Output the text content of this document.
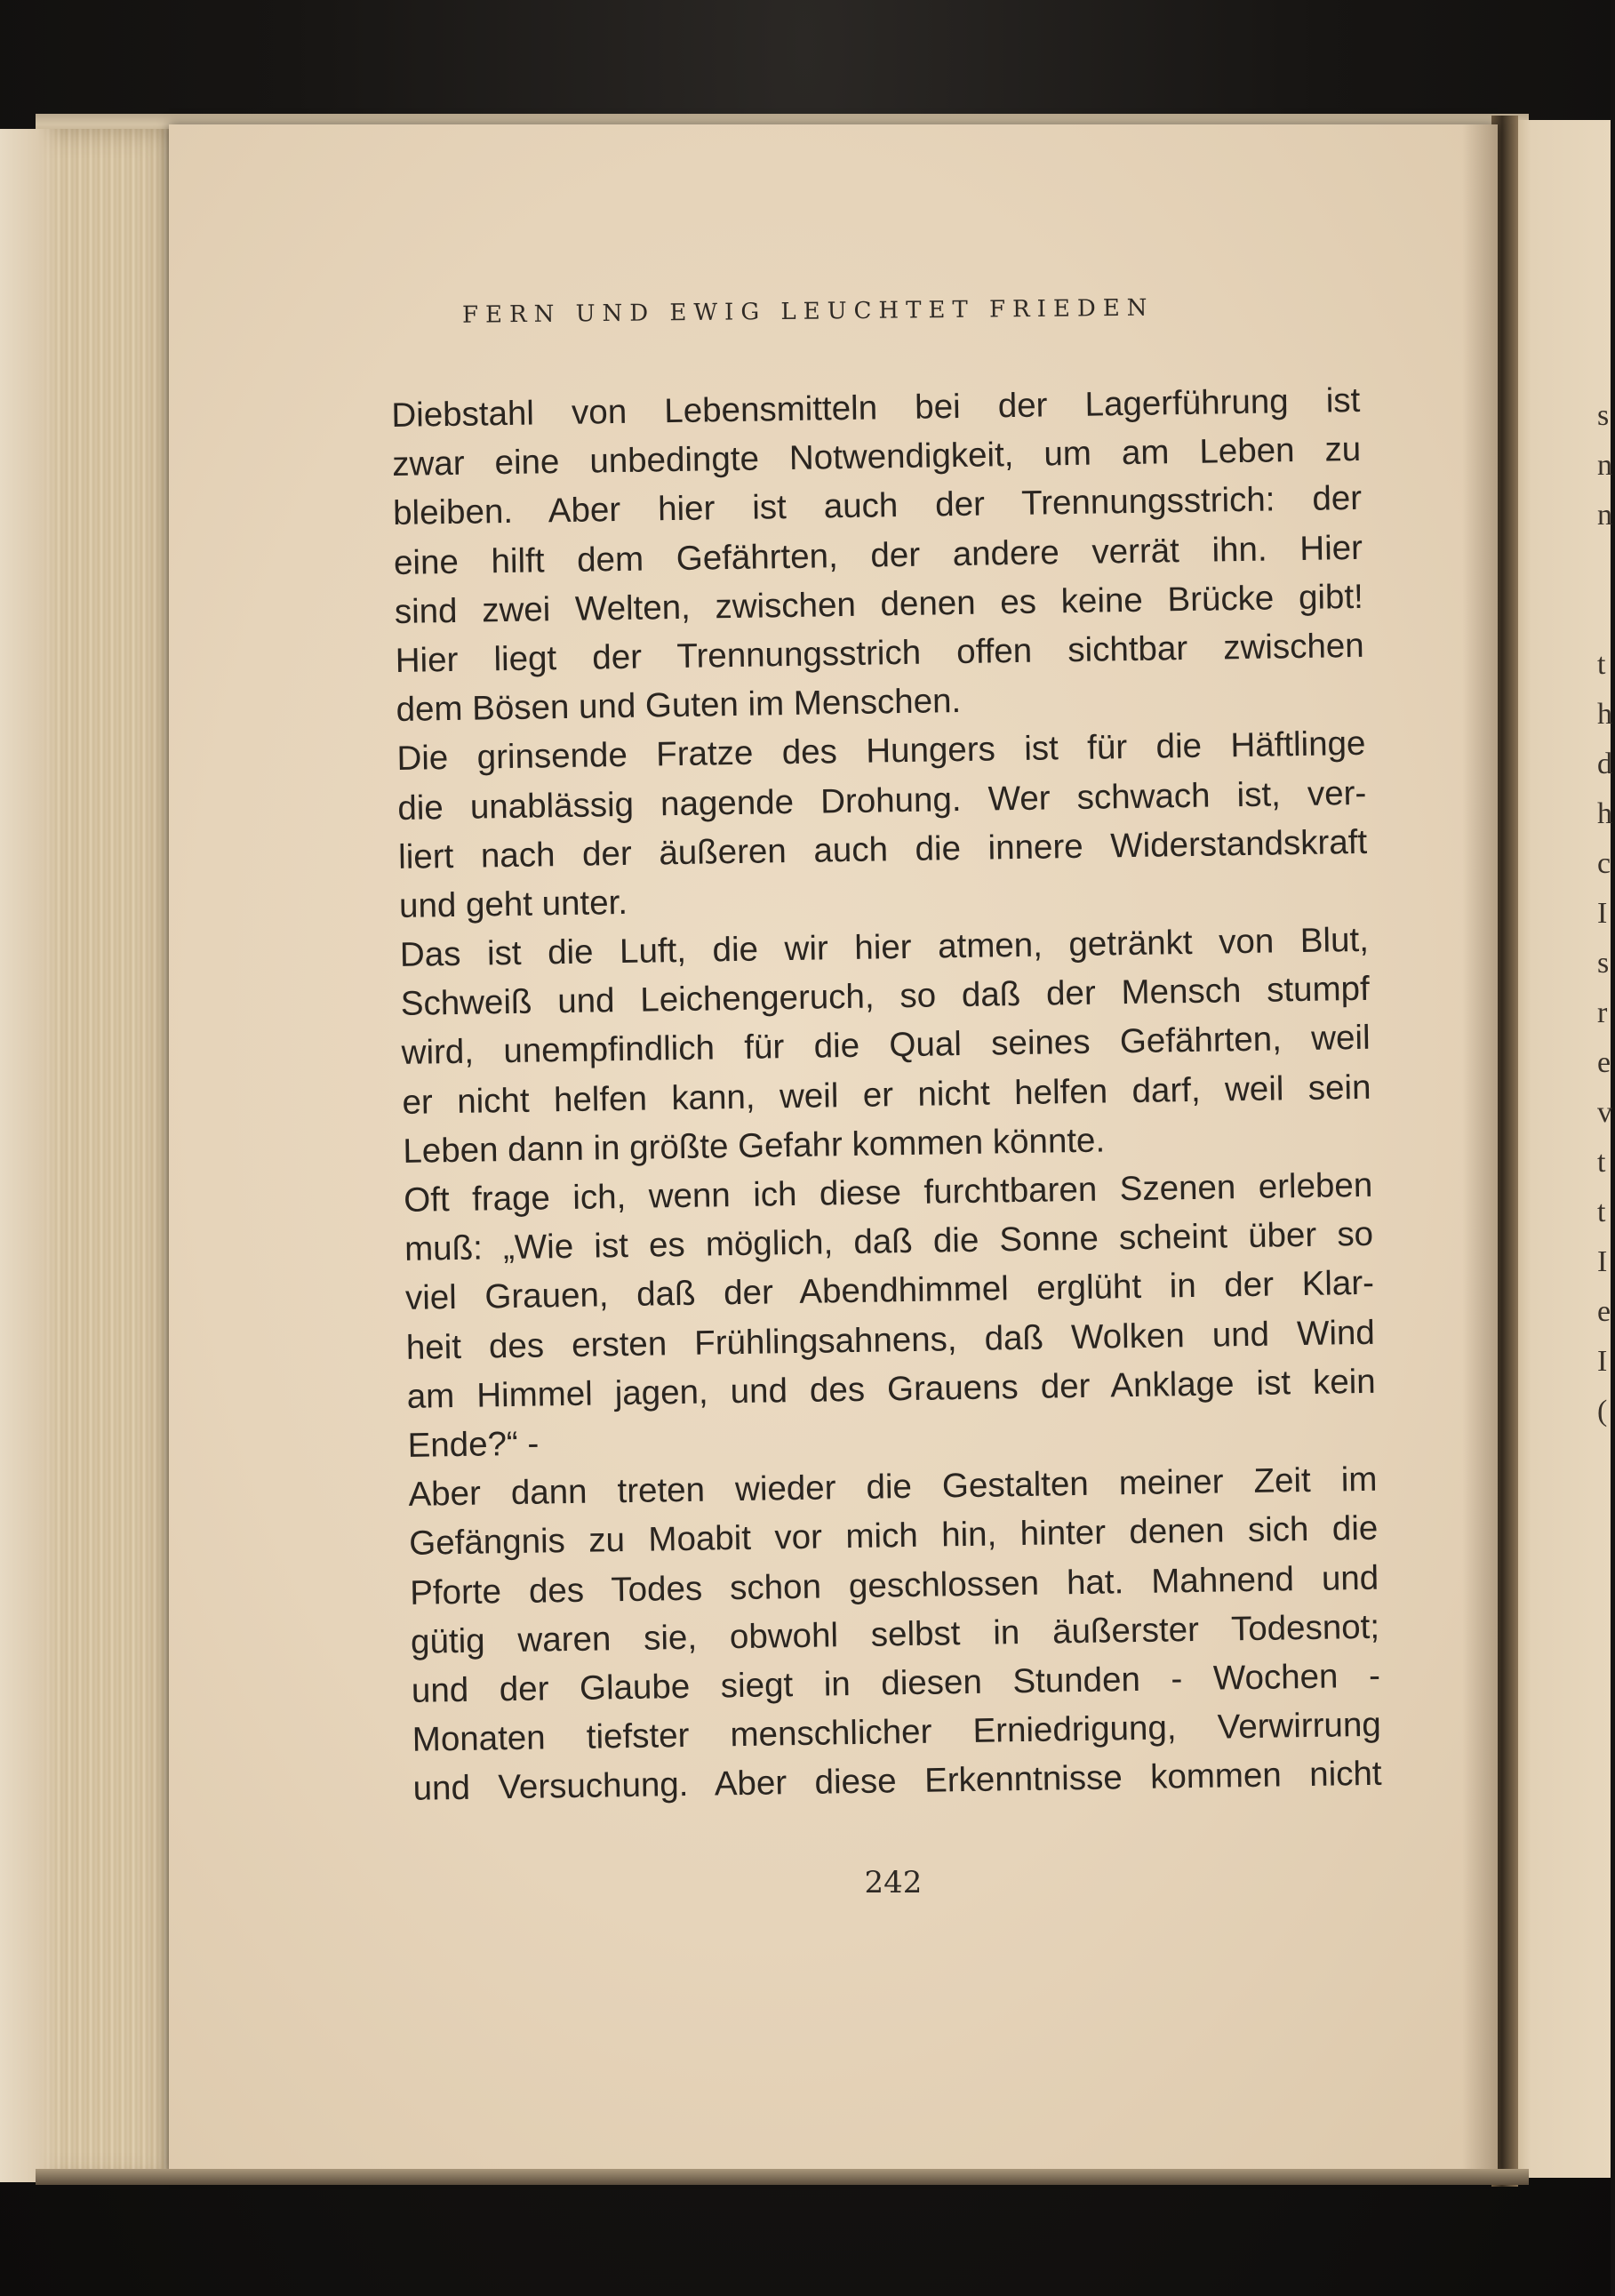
FERN UND EWIG LEUCHTET FRIEDEN
Diebstahl von Lebensmitteln bei der Lagerführung ist
zwar eine unbedingte Notwendigkeit, um am Leben zu
bleiben. Aber hier ist auch der Trennungsstrich: der
eine hilft dem Gefährten, der andere verrät ihn. Hier
sind zwei Welten, zwischen denen es keine Brücke gibt!
Hier liegt der Trennungsstrich offen sichtbar zwischen
dem Bösen und Guten im Menschen.
Die grinsende Fratze des Hungers ist für die Häftlinge
die unablässig nagende Drohung. Wer schwach ist, ver-
liert nach der äußeren auch die innere Widerstandskraft
und geht unter.
Das ist die Luft, die wir hier atmen, getränkt von Blut,
Schweiß und Leichengeruch, so daß der Mensch stumpf
wird, unempfindlich für die Qual seines Gefährten, weil
er nicht helfen kann, weil er nicht helfen darf, weil sein
Leben dann in größte Gefahr kommen könnte.
Oft frage ich, wenn ich diese furchtbaren Szenen erleben
muß: „Wie ist es möglich, daß die Sonne scheint über so
viel Grauen, daß der Abendhimmel erglüht in der Klar-
heit des ersten Frühlingsahnens, daß Wolken und Wind
am Himmel jagen, und des Grauens der Anklage ist kein
Ende?“ -
Aber dann treten wieder die Gestalten meiner Zeit im
Gefängnis zu Moabit vor mich hin, hinter denen sich die
Pforte des Todes schon geschlossen hat. Mahnend und
gütig waren sie, obwohl selbst in äußerster Todesnot;
und der Glaube siegt in diesen Stunden - Wochen -
Monaten tiefster menschlicher Erniedrigung, Verwirrung
und Versuchung. Aber diese Erkenntnisse kommen nicht
242
s
n
n
t
h
d
h
c
I
s
r
e
v
t
t
I
e
I
(
